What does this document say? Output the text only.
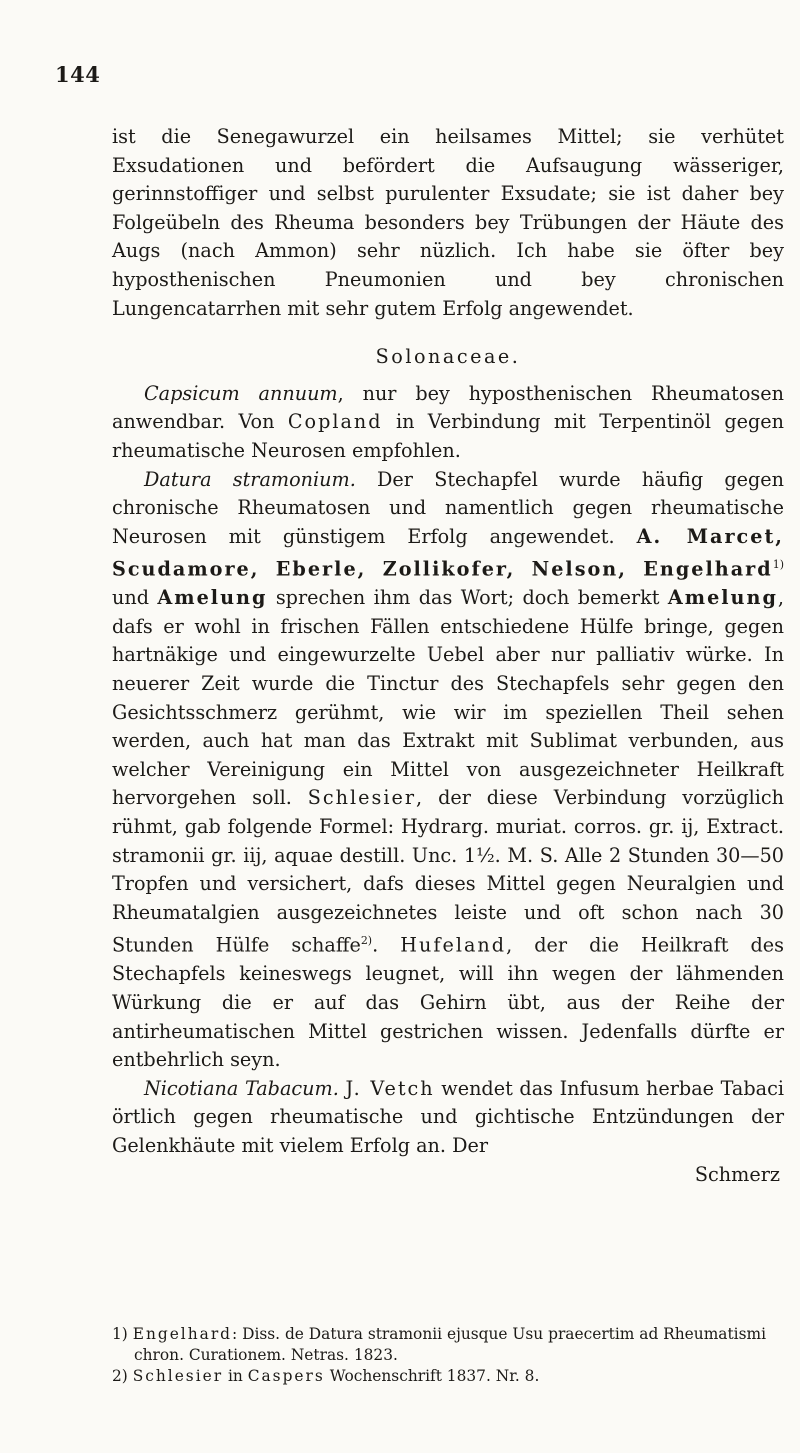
144

ist die Senegawurzel ein heilsames Mittel; sie verhütet Exsudationen und befördert die Aufsaugung wässeriger, gerinnstoffiger und selbst purulenter Exsudate; sie ist daher bey Folgeübeln des Rheuma besonders bey Trübungen der Häute des Augs (nach Ammon) sehr nüzlich. Ich habe sie öfter bey hyposthenischen Pneumonien und bey chronischen Lungencatarrhen mit sehr gutem Erfolg angewendet.

Solonaceae.

Capsicum annuum, nur bey hyposthenischen Rheumatosen anwendbar. Von Copland in Verbindung mit Terpentinöl gegen rheumatische Neurosen empfohlen.

Datura stramonium. Der Stechapfel wurde häufig gegen chronische Rheumatosen und namentlich gegen rheumatische Neurosen mit günstigem Erfolg angewendet. A. Marcet, Scudamore, Eberle, Zollikofer, Nelson, Engelhard$^{1)}$ und Amelung sprechen ihm das Wort; doch bemerkt Amelung, dafs er wohl in frischen Fällen entschiedene Hülfe bringe, gegen hartnäkige und eingewurzelte Uebel aber nur palliativ würke. In neuerer Zeit wurde die Tinctur des Stechapfels sehr gegen den Gesichtsschmerz gerühmt, wie wir im speziellen Theil sehen werden, auch hat man das Extrakt mit Sublimat verbunden, aus welcher Vereinigung ein Mittel von ausgezeichneter Heilkraft hervorgehen soll. Schlesier, der diese Verbindung vorzüglich rühmt, gab folgende Formel: Hydrarg. muriat. corros. gr. ij, Extract. stramonii gr. iij, aquae destill. Unc. 1½. M. S. Alle 2 Stunden 30—50 Tropfen und versichert, dafs dieses Mittel gegen Neuralgien und Rheumatalgien ausgezeichnetes leiste und oft schon nach 30 Stunden Hülfe schaffe$^{2)}$. Hufeland, der die Heilkraft des Stechapfels keineswegs leugnet, will ihn wegen der lähmenden Würkung die er auf das Gehirn übt, aus der Reihe der antirheumatischen Mittel gestrichen wissen. Jedenfalls dürfte er entbehrlich seyn.

Nicotiana Tabacum. J. Vetch wendet das Infusum herbae Tabaci örtlich gegen rheumatische und gichtische Entzündungen der Gelenkhäute mit vielem Erfolg an. Der

Schmerz

1) Engelhard: Diss. de Datura stramonii ejusque Usu praecertim ad Rheumatismi chron. Curationem. Netras. 1823.

2) Schlesier in Caspers Wochenschrift 1837. Nr. 8.
